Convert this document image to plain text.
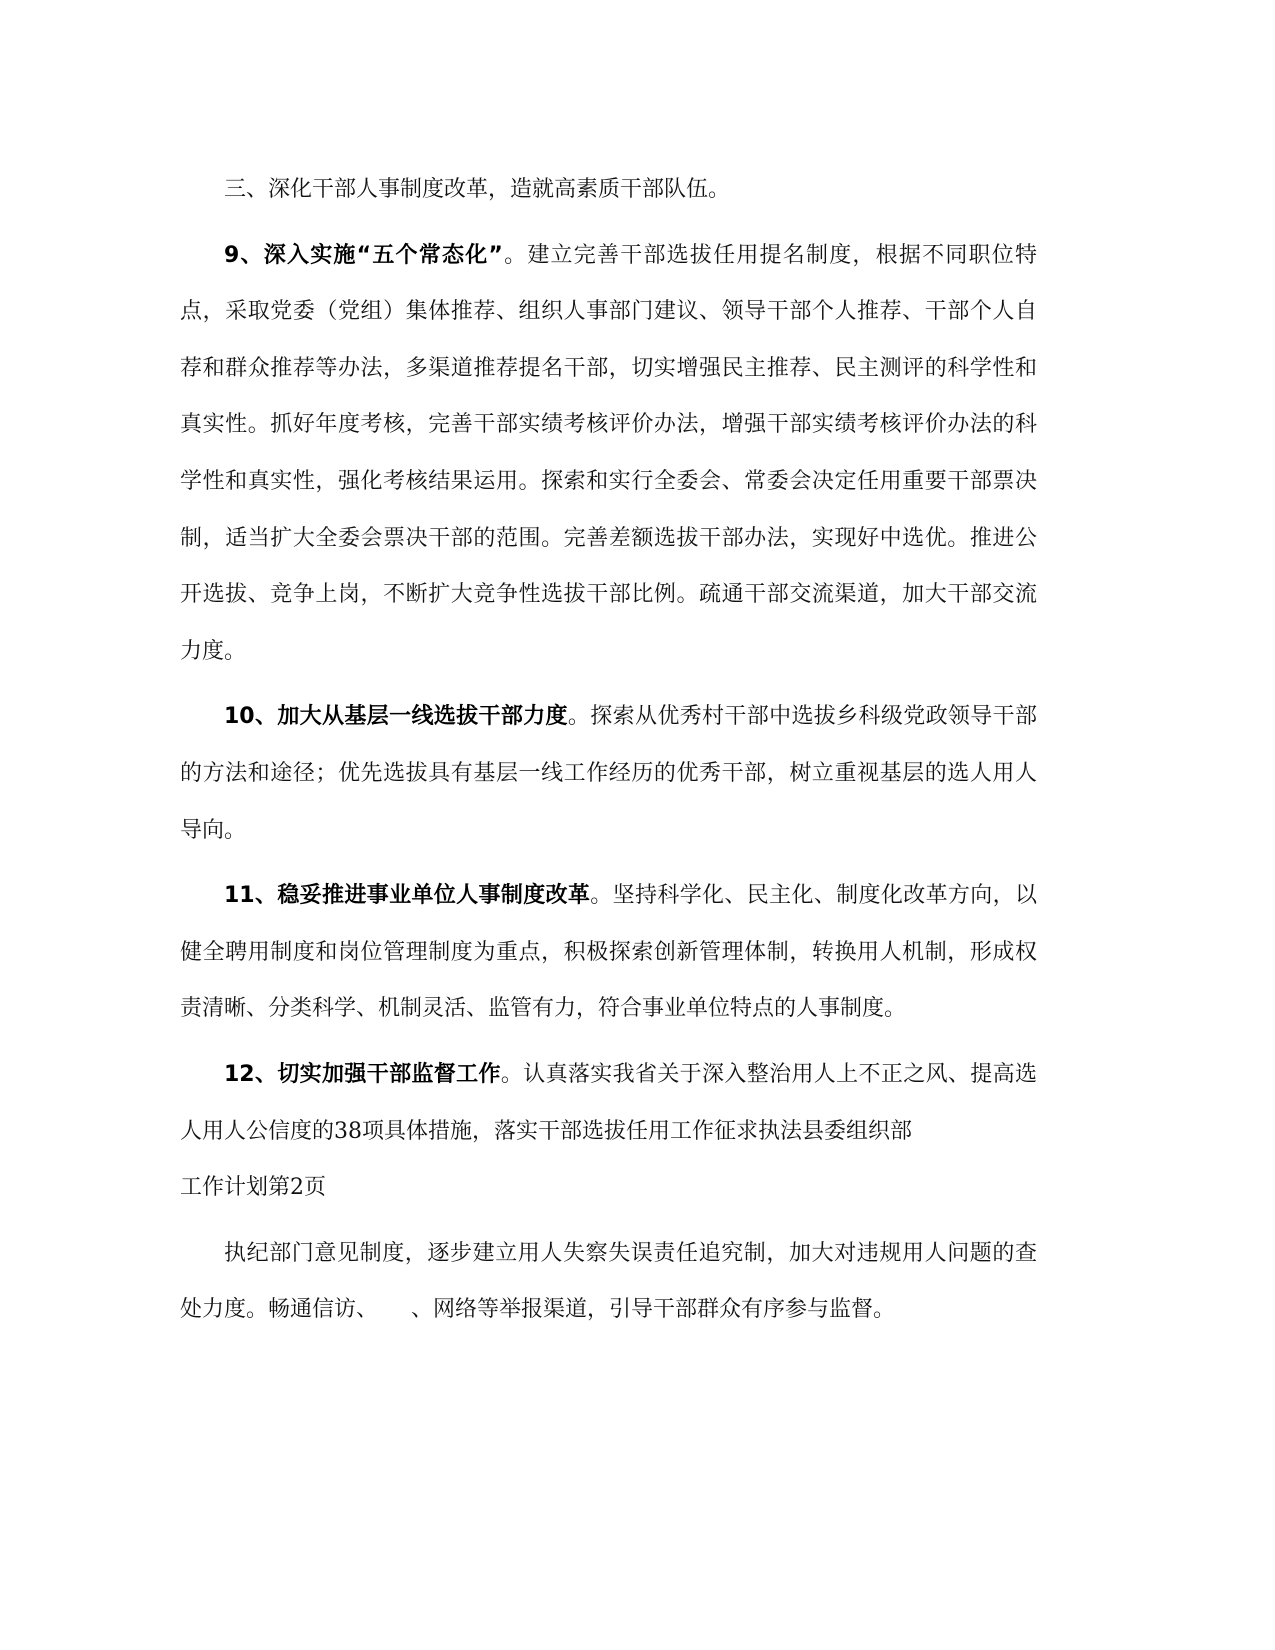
三、深化干部人事制度改革，造就高素质干部队伍。

9、深入实施“五个常态化”。建立完善干部选拔任用提名制度，根据不同职位特点，采取党委（党组）集体推荐、组织人事部门建议、领导干部个人推荐、干部个人自荐和群众推荐等办法，多渠道推荐提名干部，切实增强民主推荐、民主测评的科学性和真实性。抓好年度考核，完善干部实绩考核评价办法，增强干部实绩考核评价办法的科学性和真实性，强化考核结果运用。探索和实行全委会、常委会决定任用重要干部票决制，适当扩大全委会票决干部的范围。完善差额选拔干部办法，实现好中选优。推进公开选拔、竞争上岗，不断扩大竞争性选拔干部比例。疏通干部交流渠道，加大干部交流力度。

10、加大从基层一线选拔干部力度。探索从优秀村干部中选拔乡科级党政领导干部的方法和途径；优先选拔具有基层一线工作经历的优秀干部，树立重视基层的选人用人导向。

11、稳妥推进事业单位人事制度改革。坚持科学化、民主化、制度化改革方向，以健全聘用制度和岗位管理制度为重点，积极探索创新管理体制，转换用人机制，形成权责清晰、分类科学、机制灵活、监管有力，符合事业单位特点的人事制度。

12、切实加强干部监督工作。认真落实我省关于深入整治用人上不正之风、提高选人用人公信度的38项具体措施，落实干部选拔任用工作征求执法县委组织部
工作计划第2页

执纪部门意见制度，逐步建立用人失察失误责任追究制，加大对违规用人问题的查处力度。畅通信访、　　、网络等举报渠道，引导干部群众有序参与监督。
